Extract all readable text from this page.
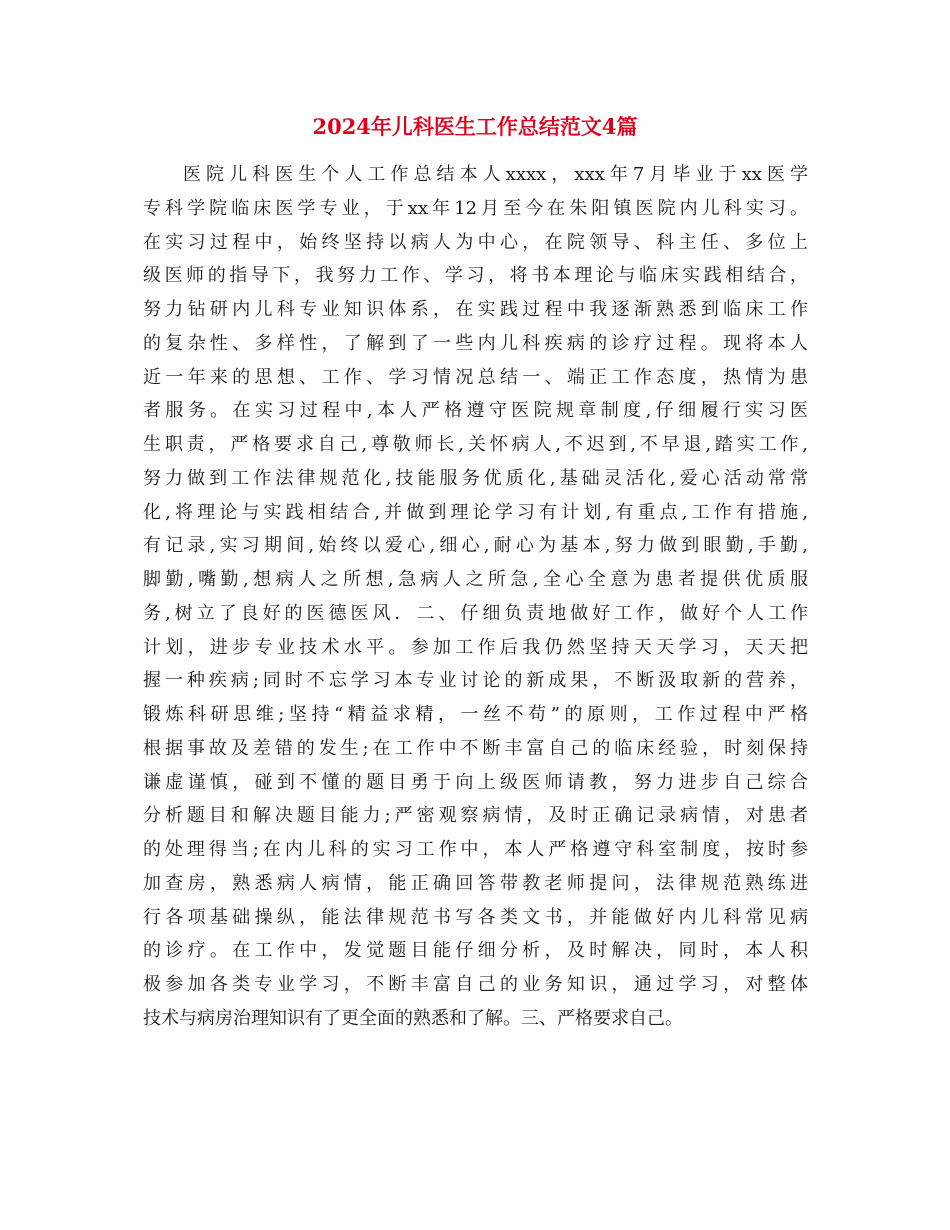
2024年儿科医生工作总结范文4篇
医院儿科医生个人工作总结本人xxxx，xxx年7月毕业于xx医学
专科学院临床医学专业，于xx年12月至今在朱阳镇医院内儿科实习。
在实习过程中，始终坚持以病人为中心，在院领导、科主任、多位上
级医师的指导下，我努力工作、学习，将书本理论与临床实践相结合，
努力钻研内儿科专业知识体系，在实践过程中我逐渐熟悉到临床工作
的复杂性、多样性，了解到了一些内儿科疾病的诊疗过程。现将本人
近一年来的思想、工作、学习情况总结一、端正工作态度，热情为患
者服务。在实习过程中,本人严格遵守医院规章制度,仔细履行实习医
生职责，严格要求自己,尊敬师长,关怀病人,不迟到,不早退,踏实工作,
努力做到工作法律规范化,技能服务优质化,基础灵活化,爱心活动常常
化,将理论与实践相结合,并做到理论学习有计划,有重点,工作有措施,
有记录,实习期间,始终以爱心,细心,耐心为基本,努力做到眼勤,手勤,
脚勤,嘴勤,想病人之所想,急病人之所急,全心全意为患者提供优质服
务,树立了良好的医德医风．二、仔细负责地做好工作，做好个人工作
计划，进步专业技术水平。参加工作后我仍然坚持天天学习，天天把
握一种疾病;同时不忘学习本专业讨论的新成果，不断汲取新的营养，
锻炼科研思维;坚持“精益求精，一丝不苟”的原则，工作过程中严格
根据事故及差错的发生;在工作中不断丰富自己的临床经验，时刻保持
谦虚谨慎，碰到不懂的题目勇于向上级医师请教，努力进步自己综合
分析题目和解决题目能力;严密观察病情，及时正确记录病情，对患者
的处理得当;在内儿科的实习工作中，本人严格遵守科室制度，按时参
加查房，熟悉病人病情，能正确回答带教老师提问，法律规范熟练进
行各项基础操纵，能法律规范书写各类文书，并能做好内儿科常见病
的诊疗。在工作中，发觉题目能仔细分析，及时解决，同时，本人积
极参加各类专业学习，不断丰富自己的业务知识，通过学习，对整体
技术与病房治理知识有了更全面的熟悉和了解。三、严格要求自己。
